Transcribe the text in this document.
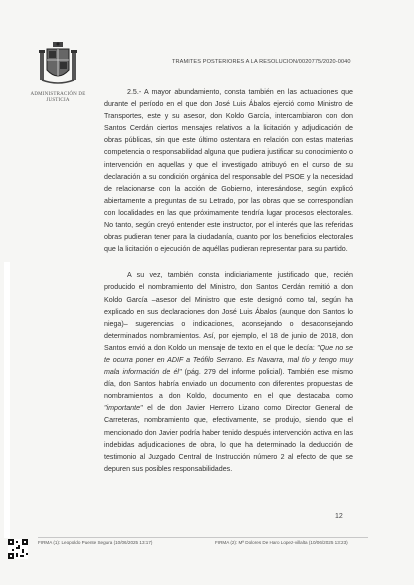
ADMINISTRACIÓN DE JUSTICIA
TRAMITES POSTERIORES A LA RESOLUCION/0020775/2020-0040

2.5.- A mayor abundamiento, consta también en las actuaciones que durante el período en el que don José Luis Ábalos ejerció como Ministro de Transportes, este y su asesor, don Koldo García, intercambiaron con don Santos Cerdán ciertos mensajes relativos a la licitación y adjudicación de obras públicas, sin que este último ostentara en relación con estas materias competencia o responsabilidad alguna que pudiera justificar su conocimiento o intervención en aquellas y que el investigado atribuyó en el curso de su declaración a su condición orgánica del responsable del PSOE y la necesidad de relacionarse con la acción de Gobierno, interesándose, según explicó abiertamente a preguntas de su Letrado, por las obras que se correspondían con localidades en las que próximamente tendría lugar procesos electorales. No tanto, según creyó entender este instructor, por el interés que las referidas obras pudieran tener para la ciudadanía, cuanto por los beneficios electorales que la licitación o ejecución de aquéllas pudieran representar para su partido.

A su vez, también consta indiciariamente justificado que, recién producido el nombramiento del Ministro, don Santos Cerdán remitió a don Koldo García –asesor del Ministro que este designó como tal, según ha explicado en sus declaraciones don José Luis Ábalos (aunque don Santos lo niega)– sugerencias o indicaciones, aconsejando o desaconsejando determinados nombramientos. Así, por ejemplo, el 18 de junio de 2018, don Santos envió a don Koldo un mensaje de texto en el que le decía: "Que no se te ocurra poner en ADIF a Teófilo Serrano. Es Navarra, mal tío y tengo muy mala información de él" (pág. 279 del informe policial). También ese mismo día, don Santos habría enviado un documento con diferentes propuestas de nombramientos a don Koldo, documento en el que destacaba como "importante" el de don Javier Herrero Lizano como Director General de Carreteras, nombramiento que, efectivamente, se produjo, siendo que el mencionado don Javier podría haber tenido después intervención activa en las indebidas adjudicaciones de obra, lo que ha determinado la deducción de testimonio al Juzgado Central de Instrucción número 2 al efecto de que se depuren sus posibles responsabilidades.

12
FIRMA (1): Leopoldo Puente Segura (10/06/2025 13:17)	FIRMA (2): Mª Dolores De Haro Lopez-villalta (10/06/2025 13:23)
